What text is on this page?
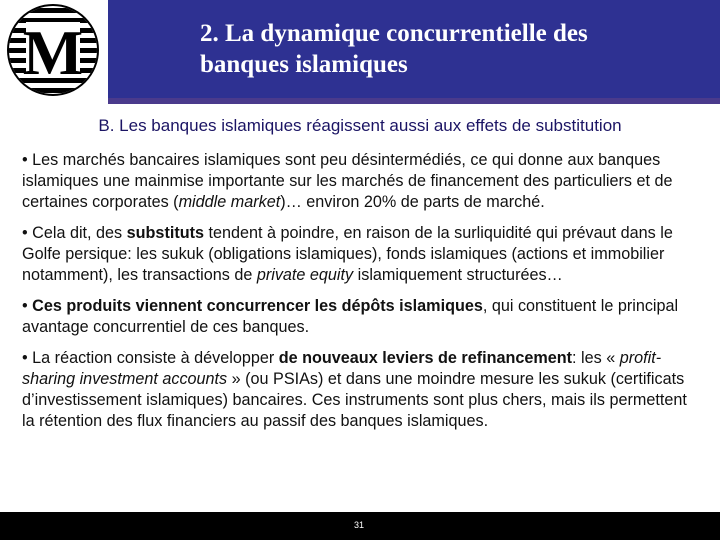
M	2. La dynamique concurrentielle des
banques islamiques

B. Les banques islamiques réagissent aussi aux effets de substitution

• Les marchés bancaires islamiques sont peu désintermédiés, ce qui donne aux banques islamiques une mainmise importante sur les marchés de financement des particuliers et de certaines corporates (middle market)… environ 20% de parts de marché.

• Cela dit, des substituts tendent à poindre, en raison de la surliquidité qui prévaut dans le Golfe persique: les sukuk (obligations islamiques), fonds islamiques (actions et immobilier notamment), les transactions de private equity islamiquement structurées…

• Ces produits viennent concurrencer les dépôts islamiques, qui constituent le principal avantage concurrentiel de ces banques.

• La réaction consiste à développer de nouveaux leviers de refinancement: les « profit-sharing investment accounts » (ou PSIAs) et dans une moindre mesure les sukuk (certificats d’investissement islamiques) bancaires. Ces instruments sont plus chers, mais ils permettent la rétention des flux financiers au passif des banques islamiques.

31
